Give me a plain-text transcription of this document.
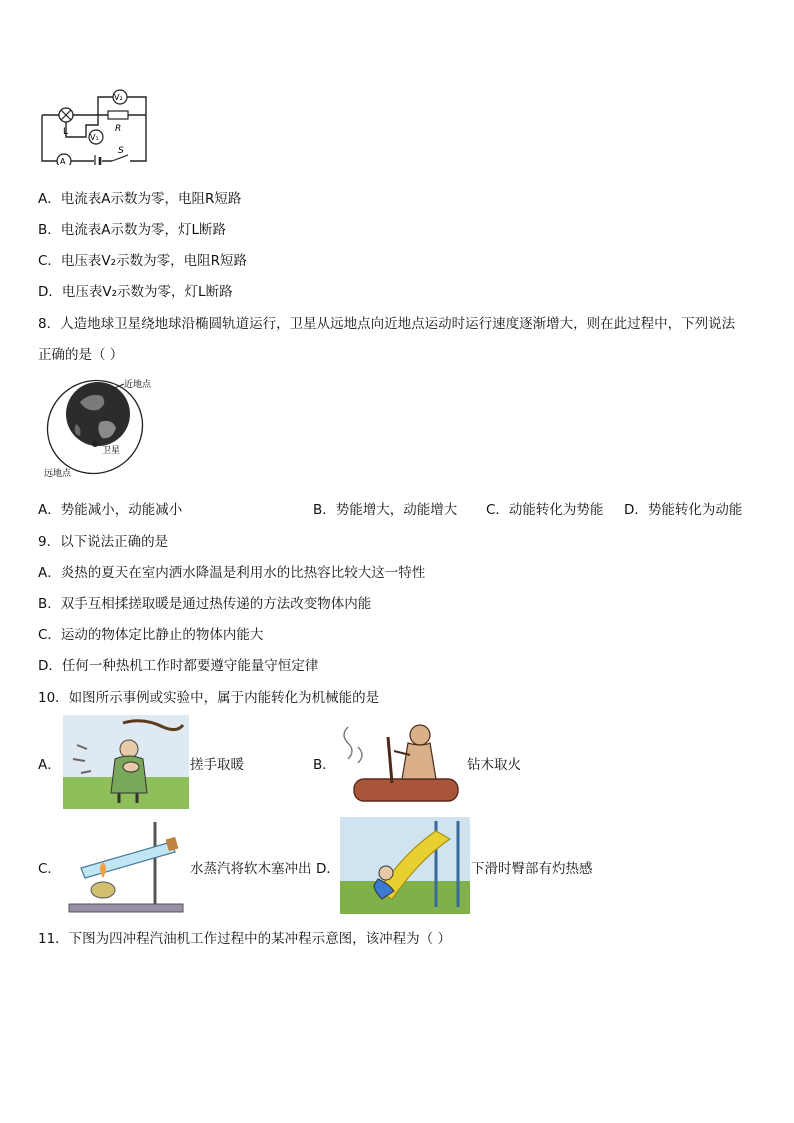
V₂
R
L
V₁
A
S
A．电流表A示数为零，电阻R短路
B．电流表A示数为零，灯L断路
C．电压表V₂示数为零，电阻R短路
D．电压表V₂示数为零，灯L断路
8．人造地球卫星绕地球沿椭圆轨道运行，卫星从远地点向近地点运动时运行速度逐渐增大，则在此过程中，下列说法
正确的是（ ）
近地点
卫星
远地点
A．势能减小，动能减小	B．势能增大，动能增大 C．动能转化为势能 D．势能转化为动能
9．以下说法正确的是
A．炎热的夏天在室内洒水降温是利用水的比热容比较大这一特性
B．双手互相揉搓取暖是通过热传递的方法改变物体内能
C．运动的物体定比静止的物体内能大
D．任何一种热机工作时都要遵守能量守恒定律
10．如图所示事例或实验中，属于内能转化为机械能的是
A．	搓手取暖	B．	钻木取火
C．	水蒸汽将软木塞冲出 D．	下滑时臀部有灼热感
11．下图为四冲程汽油机工作过程中的某冲程示意图，该冲程为（ ）
